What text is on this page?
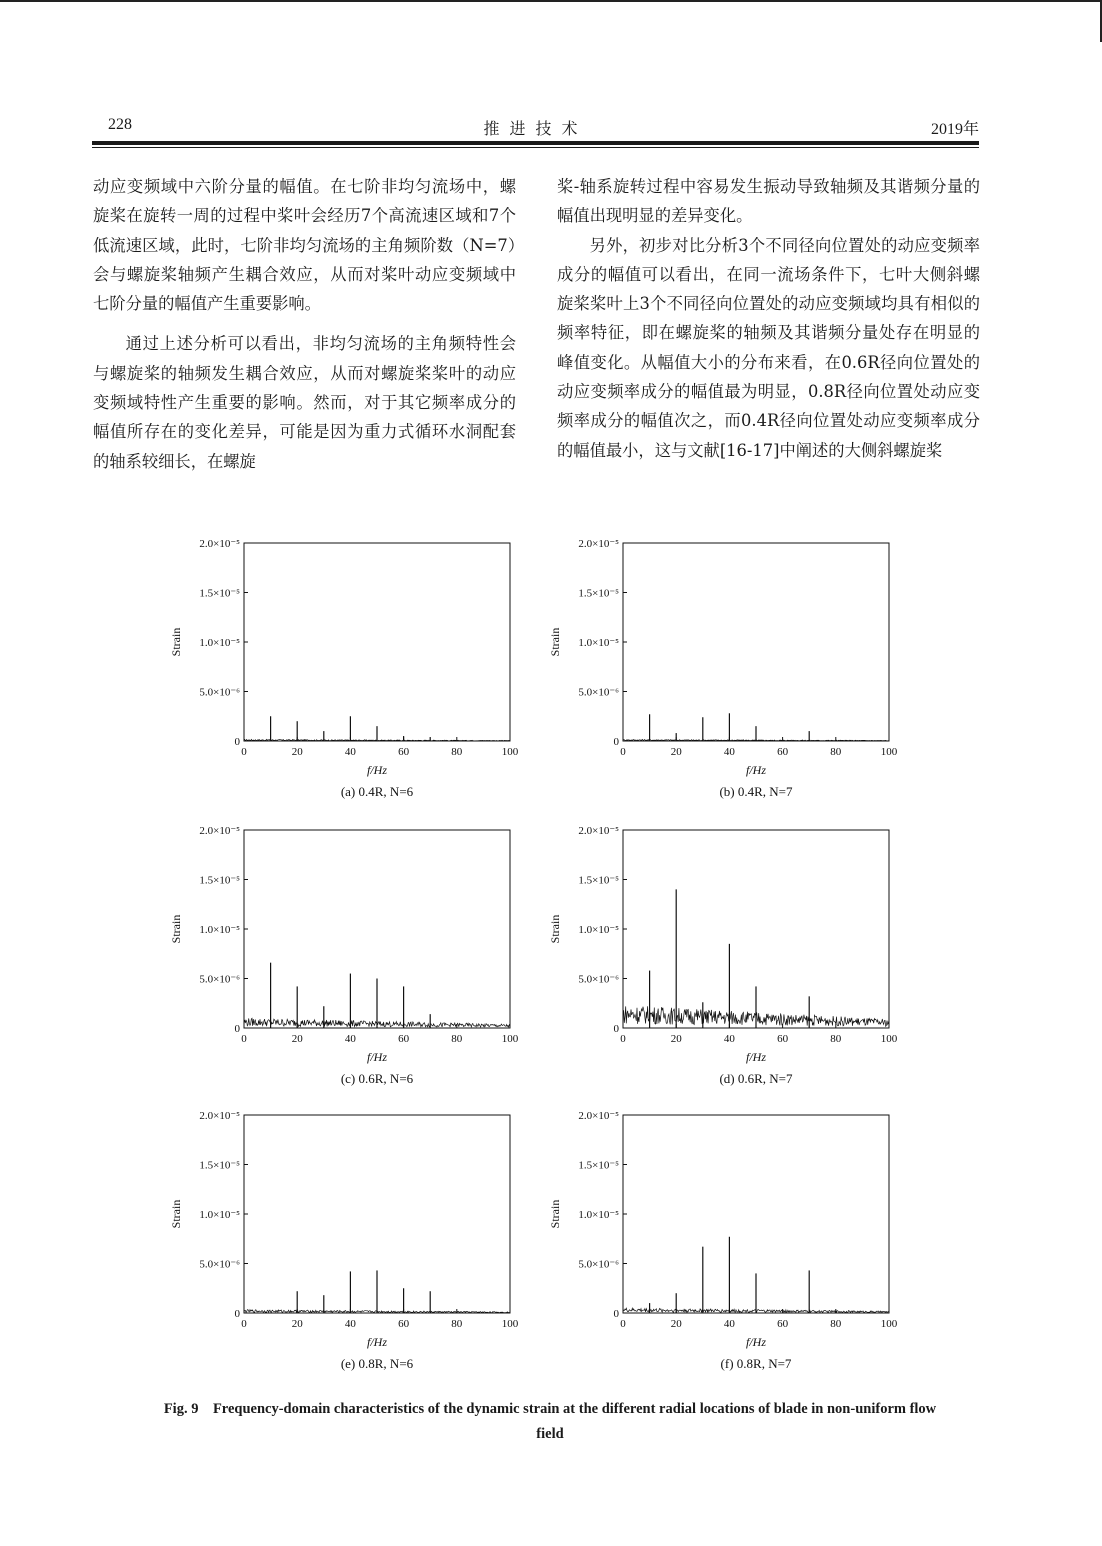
推进技术
228	2019年

动应变频域中六阶分量的幅值。在七阶非均匀流场中，螺旋桨在旋转一周的过程中桨叶会经历7个高流速区域和7个低流速区域，此时，七阶非均匀流场的主角频阶数（N=7）会与螺旋桨轴频产生耦合效应，从而对桨叶动应变频域中七阶分量的幅值产生重要影响。

通过上述分析可以看出，非均匀流场的主角频特性会与螺旋桨的轴频发生耦合效应，从而对螺旋桨桨叶的动应变频域特性产生重要的影响。然而，对于其它频率成分的幅值所存在的变化差异，可能是因为重力式循环水洞配套的轴系较细长，在螺旋

桨-轴系旋转过程中容易发生振动导致轴频及其谐频分量的幅值出现明显的差异变化。

另外，初步对比分析3个不同径向位置处的动应变频率成分的幅值可以看出，在同一流场条件下，七叶大侧斜螺旋桨桨叶上3个不同径向位置处的动应变频域均具有相似的频率特征，即在螺旋桨的轴频及其谐频分量处存在明显的峰值变化。从幅值大小的分布来看，在0.6R径向位置处的动应变频率成分的幅值最为明显，0.8R径向位置处动应变频率成分的幅值次之，而0.4R径向位置处动应变频率成分的幅值最小，这与文献[16-17]中阐述的大侧斜螺旋桨

0
5.0×10⁻⁶
1.0×10⁻⁵
1.5×10⁻⁵
2.0×10⁻⁵
0	20	40	60	80	100
Strain
f/Hz
(a) 0.4R, N=6
0
5.0×10⁻⁶
1.0×10⁻⁵
1.5×10⁻⁵
2.0×10⁻⁵
0	20	40	60	80	100
Strain
f/Hz
(b) 0.4R, N=7
0
5.0×10⁻⁶
1.0×10⁻⁵
1.5×10⁻⁵
2.0×10⁻⁵
0	20	40	60	80	100
Strain
f/Hz
(c) 0.6R, N=6
0
5.0×10⁻⁶
1.0×10⁻⁵
1.5×10⁻⁵
2.0×10⁻⁵
0	20	40	60	80	100
Strain
f/Hz
(d) 0.6R, N=7
0
5.0×10⁻⁶
1.0×10⁻⁵
1.5×10⁻⁵
2.0×10⁻⁵
0	20	40	60	80	100
Strain
f/Hz
(e) 0.8R, N=6
0
5.0×10⁻⁶
1.0×10⁻⁵
1.5×10⁻⁵
2.0×10⁻⁵
0	20	40	60	80	100
Strain
f/Hz
(f) 0.8R, N=7
Fig. 9　Frequency-domain characteristics of the dynamic strain at the different radial locations of blade in non-uniform flow field
